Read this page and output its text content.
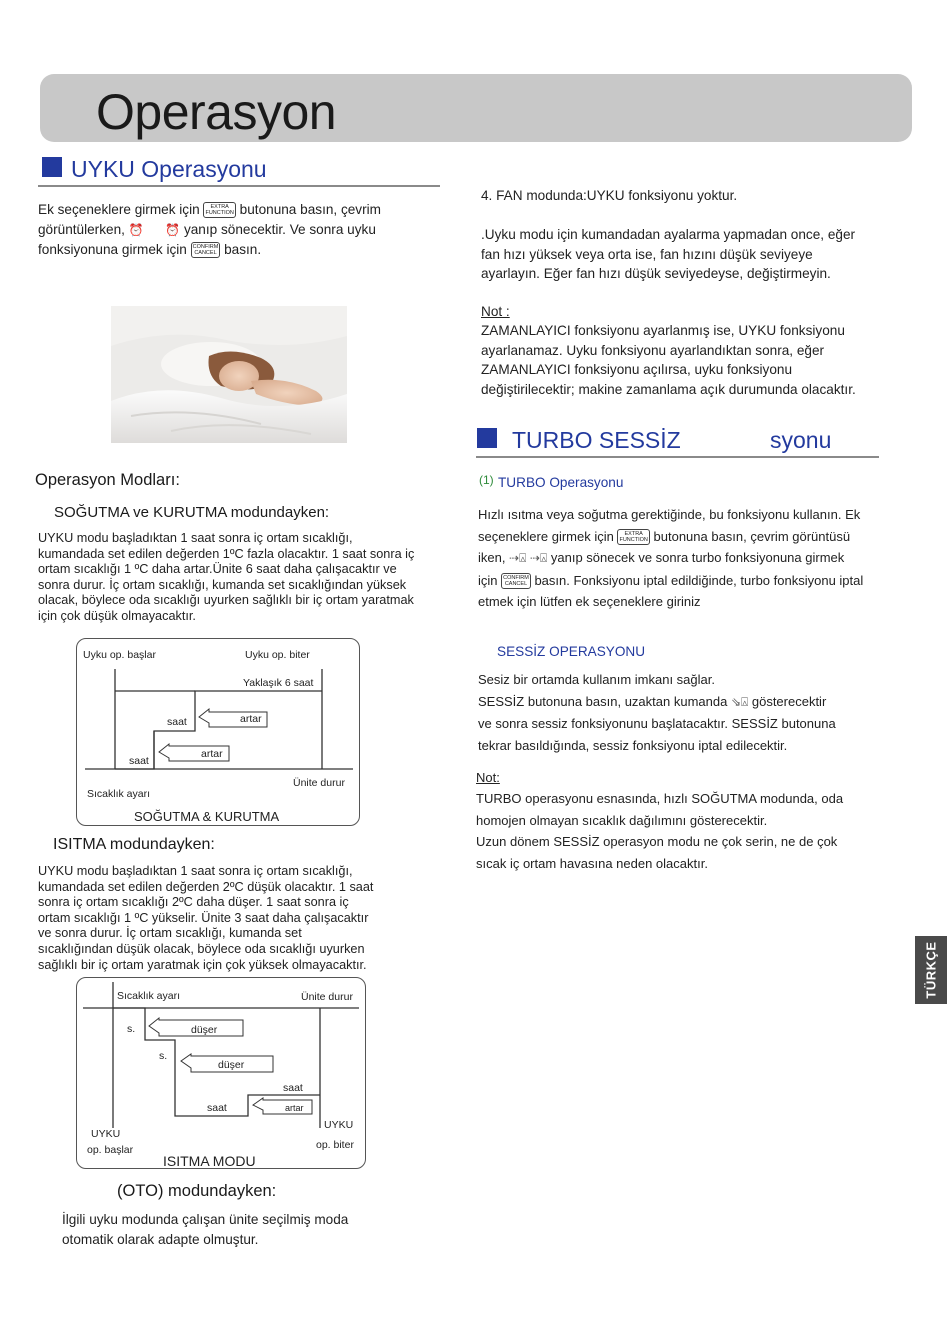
Operasyon
UYKU Operasyonu
Ek seçeneklere girmek için EXTRA
FUNCTION butonuna basın, çevrim
görüntülerken, ⏰ ⏰ yanıp sönecektir. Ve sonra uyku
fonksiyonuna girmek için CONFIRM
CANCEL basın.
Operasyon Modları:
SOĞUTMA ve KURUTMA modundayken:
UYKU modu başladıktan 1 saat sonra iç ortam sıcaklığı,
kumandada set edilen değerden 1ºC fazla olacaktır. 1 saat sonra iç
ortam sıcaklığı 1 ºC daha artar.Ünite 6 saat daha çalışacaktır ve
sonra durur. İç ortam sıcaklığı, kumanda set sıcaklığından yüksek
olacak, böylece oda sıcaklığı uyurken sağlıklı bir iç ortam yaratmak
için çok düşük olmayacaktır.
Uyku op. başlar	Uyku op. biter
Yaklaşık 6 saat
saat	artar
saat
artar
Ünite durur
Sıcaklık ayarı
SOĞUTMA & KURUTMA
ISITMA modundayken:
UYKU modu başladıktan 1 saat sonra iç ortam sıcaklığı,
kumandada set edilen değerden 2ºC düşük olacaktır. 1 saat
sonra iç ortam sıcaklığı 2ºC daha düşer. 1 saat sonra iç
ortam sıcaklığı 1 ºC yükselir. Ünite 3 saat daha çalışacaktır
ve sonra durur. İç ortam sıcaklığı, kumanda set
sıcaklığından düşük olacak, böylece oda sıcaklığı uyurken
sağlıklı bir iç ortam yaratmak için çok yüksek olmayacaktır.
Sıcaklık ayarı	Ünite durur
s.	düşer
s.
düşer
saat
saat	artar
UYKU
op. biter
UYKU
op. başlar
ISITMA MODU
(OTO) modundayken:
İlgili uyku modunda çalışan ünite seçilmiş moda
otomatik olarak adapte olmuştur.
4. FAN modunda:UYKU fonksiyonu yoktur.
.Uyku modu için kumandadan ayalarma yapmadan once, eğer
fan hızı yüksek veya orta ise, fan hızını düşük seviyeye
ayarlayın. Eğer fan hızı düşük seviyedeyse, değiştirmeyin.
Not :
ZAMANLAYICI fonksiyonu ayarlanmış ise, UYKU fonksiyonu
ayarlanamaz. Uyku fonksiyonu ayarlandıktan sonra, eğer
ZAMANLAYICI fonksiyonu açılırsa, uyku fonksiyonu
değiştirilecektir; makine zamanlama açık durumunda olacaktır.
TURBO SESSİZ	syonu
(1) TURBO Operasyonu
Hızlı ısıtma veya soğutma gerektiğinde, bu fonksiyonu kullanın. Ek
seçeneklere girmek için EXTRA
FUNCTION butonuna basın, çevrim görüntüsü
iken, ⇢⍓ ⇢⍓ yanıp sönecek ve sonra turbo fonksiyonuna girmek
için CONFIRM
CANCEL basın. Fonksiyonu iptal edildiğinde, turbo fonksiyonu iptal
etmek için lütfen ek seçeneklere giriniz
SESSİZ OPERASYONU
Sesiz bir ortamda kullanım imkanı sağlar.
SESSİZ butonuna basın, uzaktan kumanda ⇘⍓ gösterecektir
ve sonra sessiz fonksiyonunu başlatacaktır. SESSİZ butonuna
tekrar basıldığında, sessiz fonksiyonu iptal edilecektir.
Not:
TURBO operasyonu esnasında, hızlı SOĞUTMA modunda, oda
homojen olmayan sıcaklık dağılımını gösterecektir.
Uzun dönem SESSİZ operasyon modu ne çok serin, ne de çok
sıcak iç ortam havasına neden olacaktır.
TÜRKÇE
